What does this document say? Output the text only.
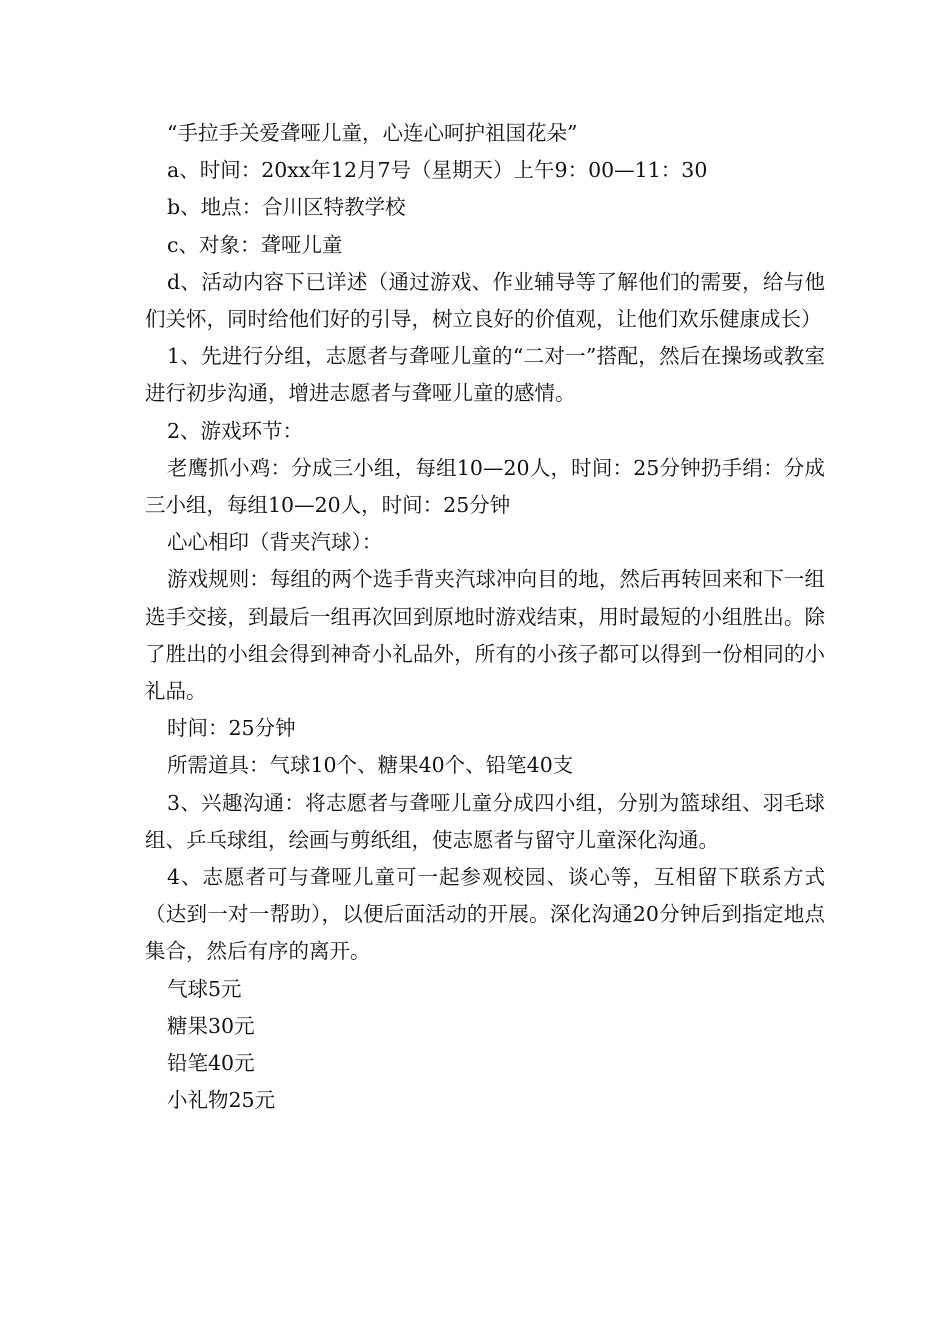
“手拉手关爱聋哑儿童，心连心呵护祖国花朵”

a、时间：20xx年12月7号（星期天）上午9：00—11：30

b、地点：合川区特教学校

c、对象：聋哑儿童

d、活动内容下已详述（通过游戏、作业辅导等了解他们的需要，给与他们关怀，同时给他们好的引导，树立良好的价值观，让他们欢乐健康成长）

1、先进行分组，志愿者与聋哑儿童的“二对一”搭配，然后在操场或教室进行初步沟通，增进志愿者与聋哑儿童的感情。

2、游戏环节：

老鹰抓小鸡：分成三小组，每组10—20人，时间：25分钟扔手绢：分成三小组，每组10—20人，时间：25分钟

心心相印（背夹汽球）：

游戏规则：每组的两个选手背夹汽球冲向目的地，然后再转回来和下一组选手交接，到最后一组再次回到原地时游戏结束，用时最短的小组胜出。除了胜出的小组会得到神奇小礼品外，所有的小孩子都可以得到一份相同的小礼品。

时间：25分钟

所需道具：气球10个、糖果40个、铅笔40支

3、兴趣沟通：将志愿者与聋哑儿童分成四小组，分别为篮球组、羽毛球组、乒乓球组，绘画与剪纸组，使志愿者与留守儿童深化沟通。

4、志愿者可与聋哑儿童可一起参观校园、谈心等，互相留下联系方式（达到一对一帮助），以便后面活动的开展。深化沟通20分钟后到指定地点集合，然后有序的离开。

气球5元

糖果30元

铅笔40元

小礼物25元
